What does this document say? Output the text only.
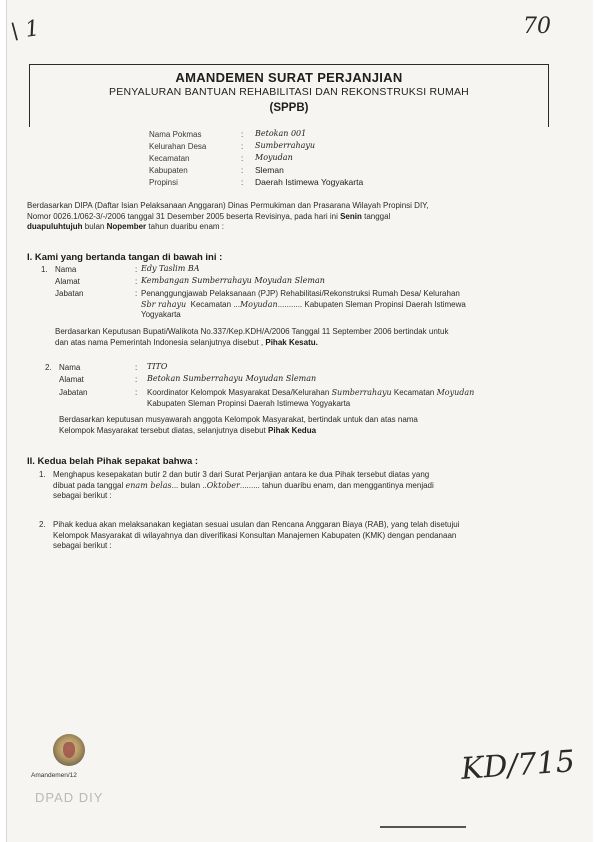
\ 1	70
AMANDEMEN SURAT PERJANJIAN
PENYALURAN BANTUAN REHABILITASI DAN REKONSTRUKSI RUMAH
(SPPB)
Nama Pokmas	: Betokan 001
Kelurahan Desa	: Sumberrahayu
Kecamatan	: Moyudan
Kabupaten	: Sleman
Propinsi	: Daerah Istimewa Yogyakarta
Berdasarkan DIPA (Daftar Isian Pelaksanaan Anggaran) Dinas Permukiman dan Prasarana Wilayah Propinsi DIY,
Nomor 0026.1/062-3/-/2006 tanggal 31 Desember 2005 beserta Revisinya, pada hari ini Senin tanggal
duapuluhtujuh bulan Nopember tahun duaribu enam :
I. Kami yang bertanda tangan di bawah ini :
1. Nama	: Edy Taslim BA
Alamat	: Kembangan Sumberrahayu Moyudan Sleman
Jabatan	: Penanggungjawab Pelaksanaan (PJP) Rehabilitasi/Rekonstruksi Rumah Desa/ Kelurahan
Sbr rahayu Kecamatan ...Moyudan........... Kabupaten Sleman Propinsi Daerah Istimewa
Yogyakarta
Berdasarkan Keputusan Bupati/Walikota No.337/Kep.KDH/A/2006 Tanggal 11 September 2006 bertindak untuk
dan atas nama Pemerintah Indonesia selanjutnya disebut , Pihak Kesatu.
2. Nama	: TITO
Alamat	: Betokan Sumberrahayu Moyudan Sleman
Jabatan	: Koordinator Kelompok Masyarakat Desa/Kelurahan Sumberrahayu Kecamatan Moyudan
Kabupaten Sleman Propinsi Daerah Istimewa Yogyakarta
Berdasarkan keputusan musyawarah anggota Kelompok Masyarakat, bertindak untuk dan atas nama
Kelompok Masyarakat tersebut diatas, selanjutnya disebut Pihak Kedua
II. Kedua belah Pihak sepakat bahwa :
1. Menghapus kesepakatan butir 2 dan butir 3 dari Surat Perjanjian antara ke dua Pihak tersebut diatas yang
dibuat pada tanggal enam belas... bulan ..Oktober......... tahun duaribu enam, dan menggantinya menjadi
sebagai berikut :
2. Pihak kedua akan melaksanakan kegiatan sesuai usulan dan Rencana Anggaran Biaya (RAB), yang telah disetujui
Kelompok Masyarakat di wilayahnya dan diverifikasi Konsultan Manajemen Kabupaten (KMK) dengan pendanaan
sebagai berikut :
Amandemen/12
DPAD DIY
KD/715
